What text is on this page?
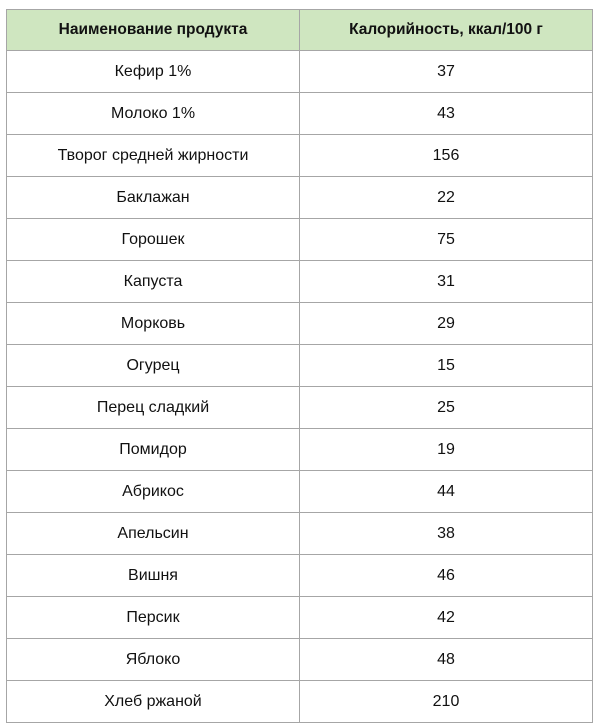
Наименование продукта	Калорийность, ккал/100 г
Кефир 1%	37
Молоко 1%	43
Творог средней жирности	156
Баклажан	22
Горошек	75
Капуста	31
Морковь	29
Огурец	15
Перец сладкий	25
Помидор	19
Абрикос	44
Апельсин	38
Вишня	46
Персик	42
Яблоко	48
Хлеб ржаной	210
